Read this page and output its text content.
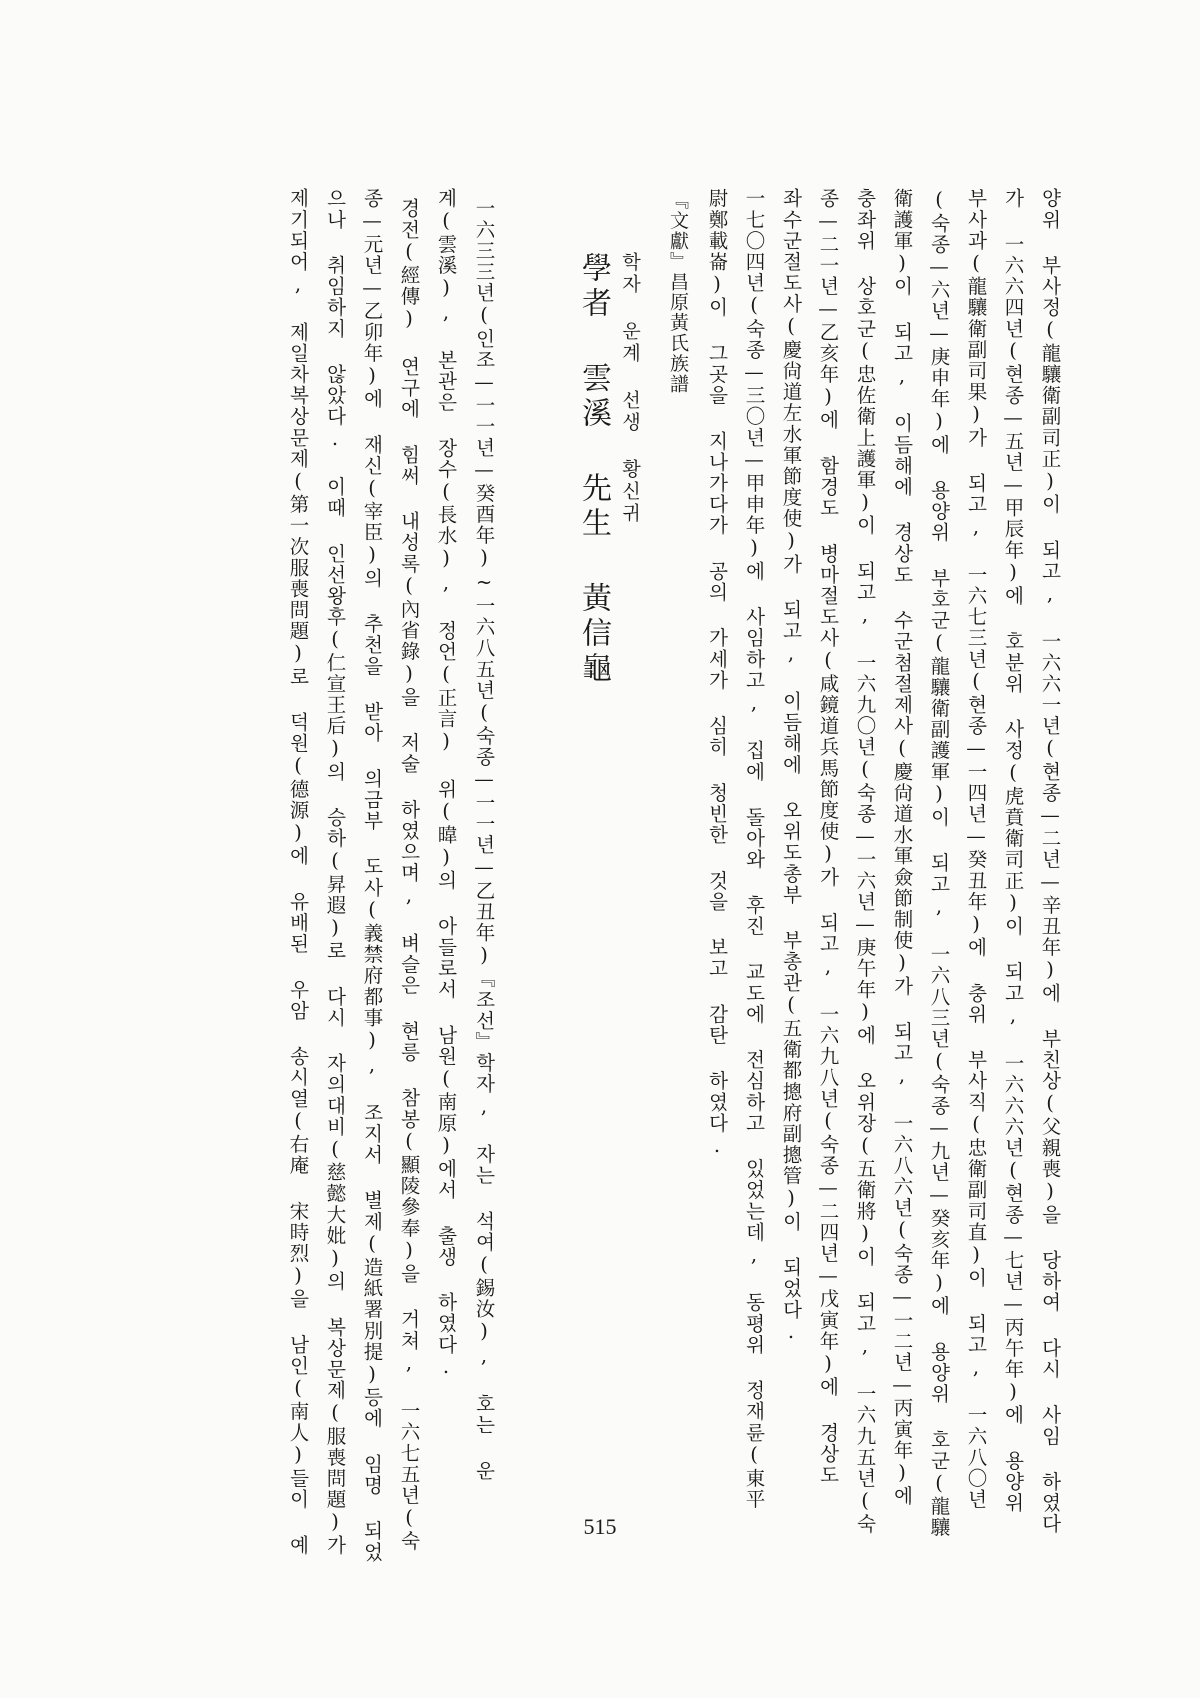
양위 부사정(龍驤衛副司正)이 되고, 一六六一년(현종—二년—辛丑年)에 부친상(父親喪)을 당하여 다시 사임 하였다
가 一六六四년(현종—五년—甲辰年)에 호분위 사정(虎賁衛司正)이 되고, 一六六六년(현종—七년—丙午年)에 용양위
부사과(龍驤衛副司果)가 되고, 一六七三년(현종—一四년—癸丑年)에 충위 부사직(忠衛副司直)이 되고, 一六八〇년
(숙종—六년—庚申年)에 용양위 부호군(龍驤衛副護軍)이 되고, 一六八三년(숙종—九년—癸亥年)에 용양위 호군(龍驤
衛護軍)이 되고, 이듬해에 경상도 수군첨절제사(慶尙道水軍僉節制使)가 되고, 一六八六년(숙종—一二년—丙寅年)에
충좌위 상호군(忠佐衛上護軍)이 되고, 一六九〇년(숙종—一六년—庚午年)에 오위장(五衛將)이 되고, 一六九五년(숙
종—二一년—乙亥年)에 함경도 병마절도사(咸鏡道兵馬節度使)가 되고, 一六九八년(숙종—二四년—戊寅年)에 경상도
좌수군절도사(慶尙道左水軍節度使)가 되고, 이듬해에 오위도총부 부총관(五衛都摠府副摠管)이 되었다.
一七〇四년(숙종—三〇년—甲申年)에 사임하고, 집에 돌아와 후진 교도에 전심하고 있었는데, 동평위 정재륜(東平
尉鄭載崙)이 그곳을 지나가다가 공의 가세가 심히 청빈한 것을 보고 감탄 하였다.
『文獻』昌原黃氏族譜
학자 운계 선생 황신귀
學者 雲溪 先生 黃信龜
一六三三년(인조—一一년—癸酉年)~一六八五년(숙종—一一년—乙丑年)『조선』학자, 자는 석여(錫汝), 호는 운
계(雲溪), 본관은 장수(長水), 정언(正言) 위(暐)의 아들로서 남원(南原)에서 출생 하였다.
경전(經傳) 연구에 힘써 내성록(內省錄)을 저술 하였으며, 벼슬은 현릉 참봉(顯陵參奉)을 거쳐, 一六七五년(숙
종—元년—乙卯年)에 재신(宰臣)의 추천을 받아 의금부 도사(義禁府都事), 조지서 별제(造紙署別提)등에 임명 되었
으나 취임하지 않았다. 이때 인선왕후(仁宣王后)의 승하(昇遐)로 다시 자의대비(慈懿大妣)의 복상문제(服喪問題)가
제기되어, 제일차복상문제(第一次服喪問題)로 덕원(德源)에 유배된 우암 송시열(右庵 宋時烈)을 남인(南人)들이 예	515
